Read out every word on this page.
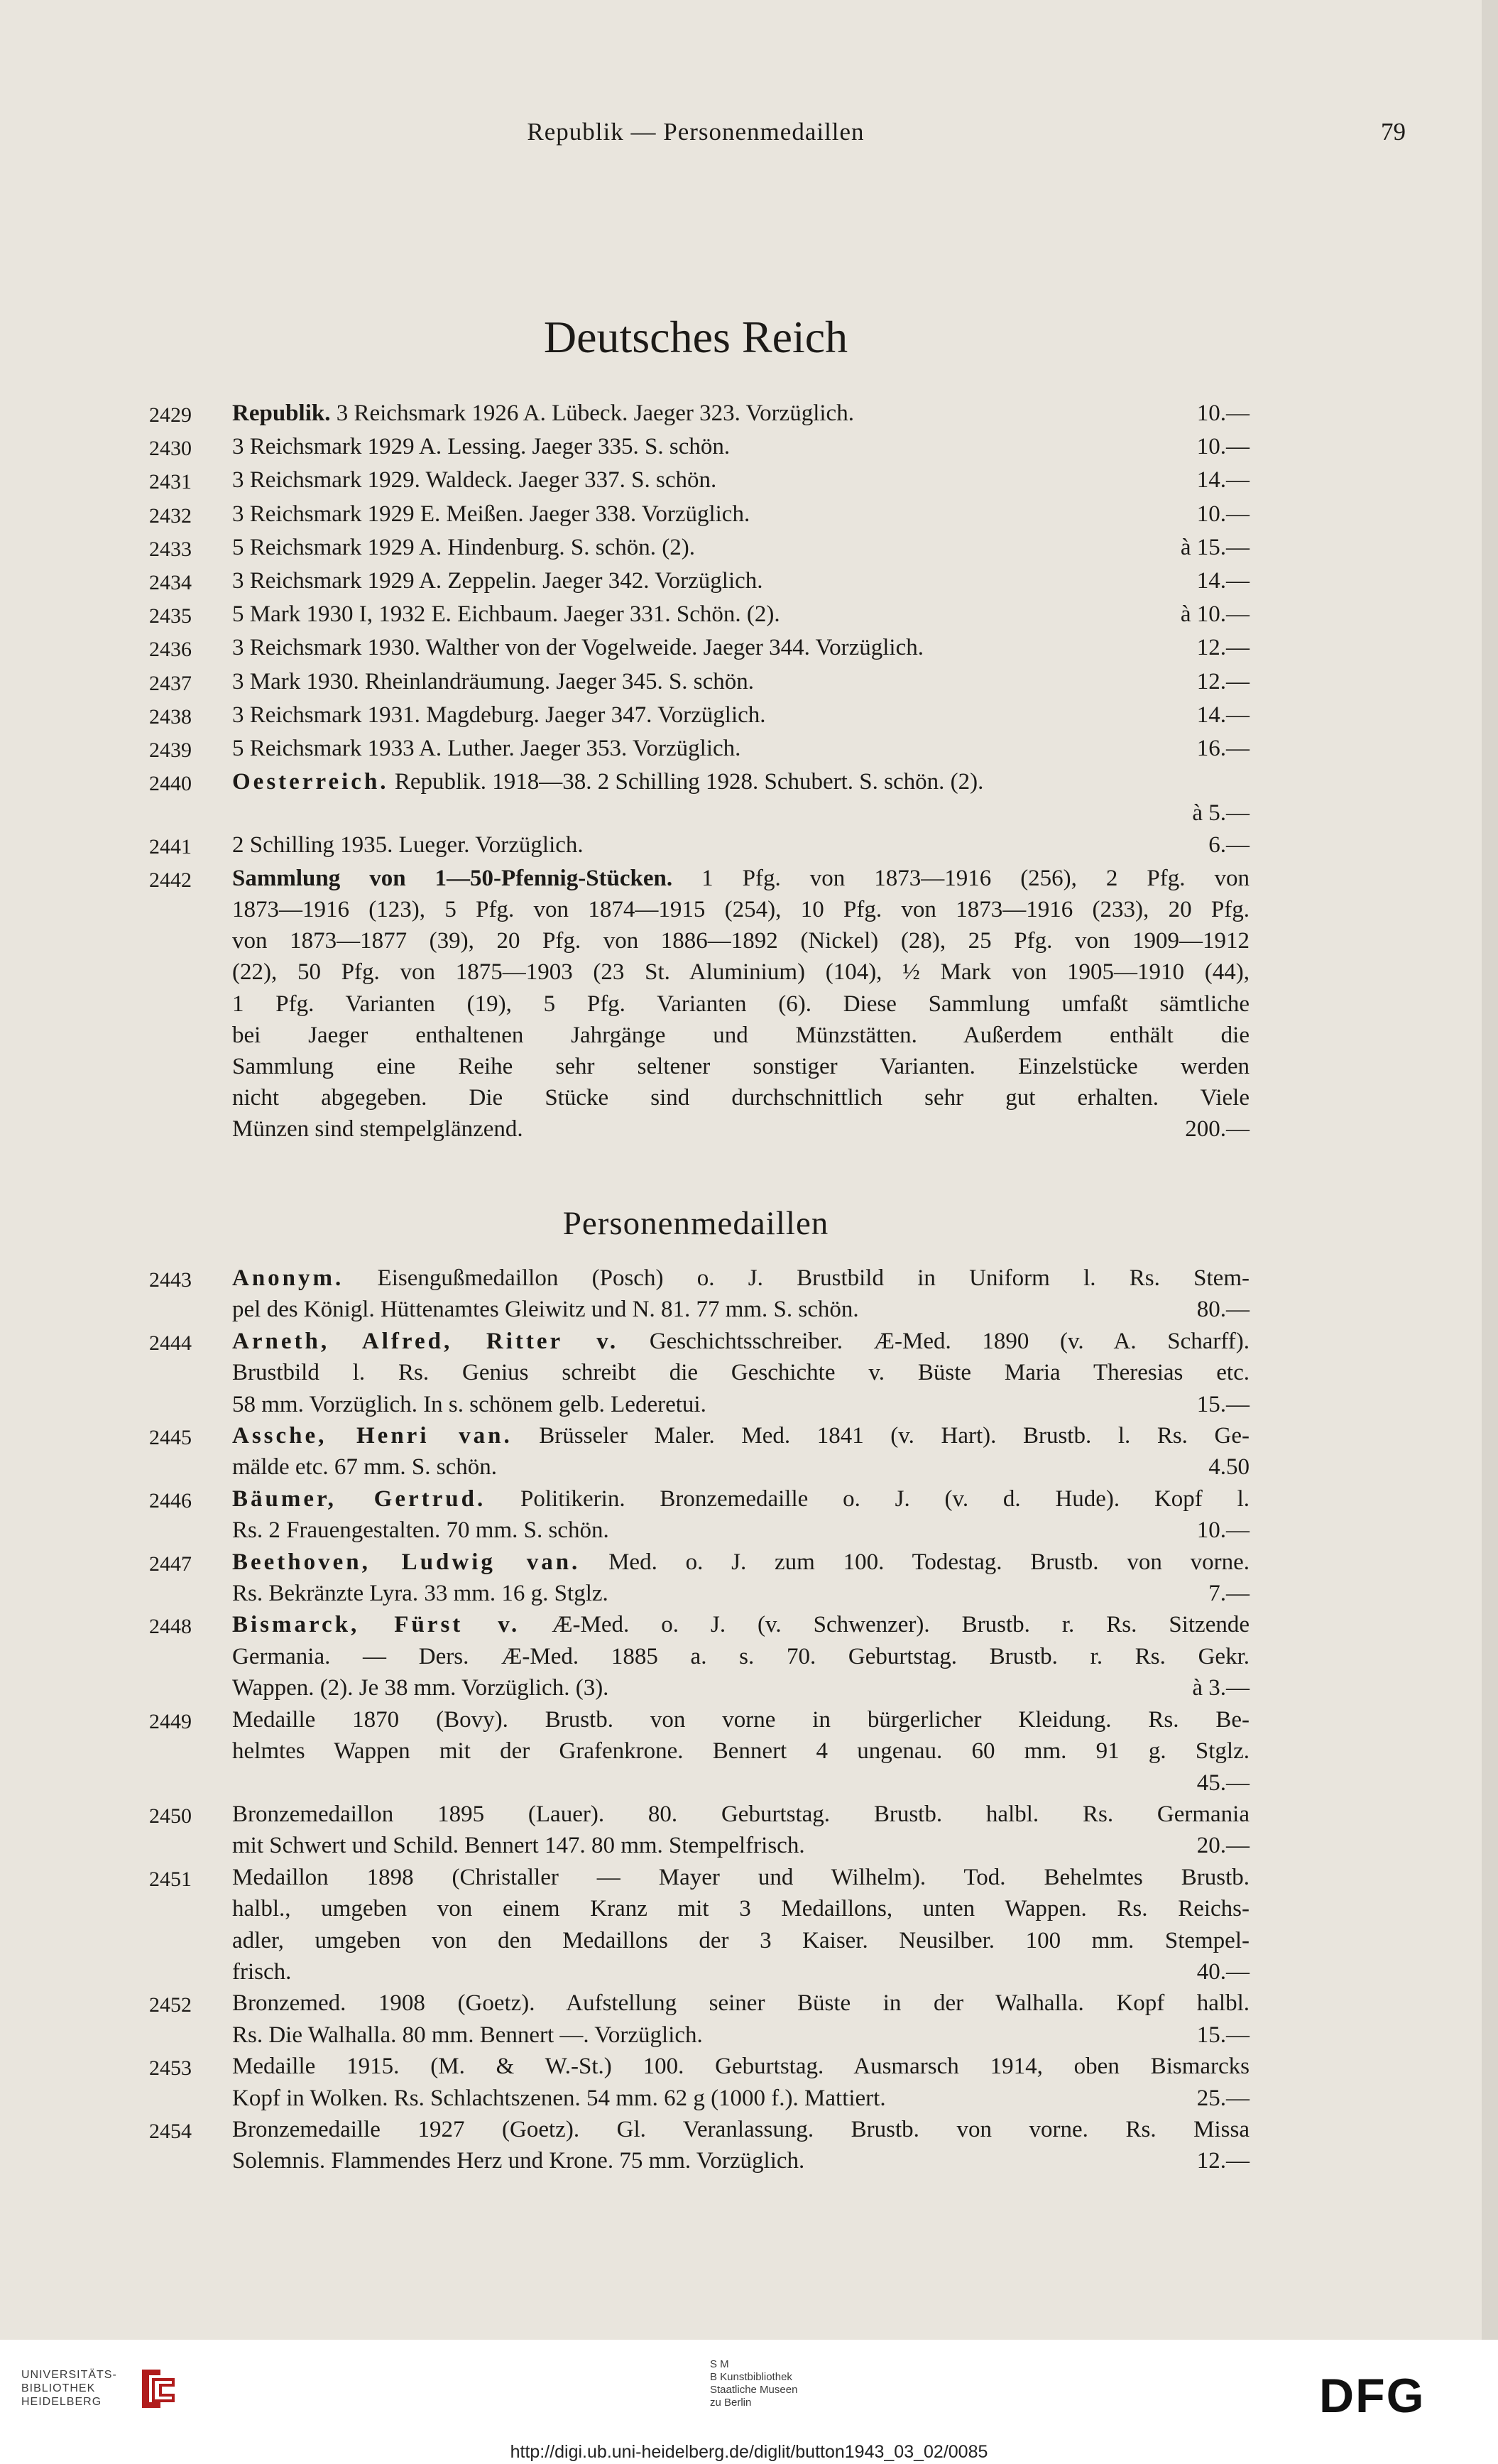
Republik — Personenmedaillen	79
Deutsches Reich
2429	Republik. 3 Reichsmark 1926 A. Lübeck. Jaeger 323. Vorzüglich.	10.—
2430	3 Reichsmark 1929 A. Lessing. Jaeger 335. S. schön.	10.—
2431	3 Reichsmark 1929. Waldeck. Jaeger 337. S. schön.	14.—
2432	3 Reichsmark 1929 E. Meißen. Jaeger 338. Vorzüglich.	10.—
2433	5 Reichsmark 1929 A. Hindenburg. S. schön. (2).	à 15.—
2434	3 Reichsmark 1929 A. Zeppelin. Jaeger 342. Vorzüglich.	14.—
2435	5 Mark 1930 I, 1932 E. Eichbaum. Jaeger 331. Schön. (2).	à 10.—
2436	3 Reichsmark 1930. Walther von der Vogelweide. Jaeger 344. Vorzüglich.	12.—
2437	3 Mark 1930. Rheinlandräumung. Jaeger 345. S. schön.	12.—
2438	3 Reichsmark 1931. Magdeburg. Jaeger 347. Vorzüglich.	14.—
2439	5 Reichsmark 1933 A. Luther. Jaeger 353. Vorzüglich.	16.—
2440	Oesterreich. Republik. 1918—38. 2 Schilling 1928. Schubert. S. schön. (2).
à 5.—
2441	2 Schilling 1935. Lueger. Vorzüglich.	6.—
2442	Sammlung von 1—50-Pfennig-Stücken. 1 Pfg. von 1873—1916 (256), 2 Pfg. von
1873—1916 (123), 5 Pfg. von 1874—1915 (254), 10 Pfg. von 1873—1916 (233), 20 Pfg.
von 1873—1877 (39), 20 Pfg. von 1886—1892 (Nickel) (28), 25 Pfg. von 1909—1912
(22), 50 Pfg. von 1875—1903 (23 St. Aluminium) (104), ½ Mark von 1905—1910 (44),
1 Pfg. Varianten (19), 5 Pfg. Varianten (6). Diese Sammlung umfaßt sämtliche
bei Jaeger enthaltenen Jahrgänge und Münzstätten. Außerdem enthält die
Sammlung eine Reihe sehr seltener sonstiger Varianten. Einzelstücke werden
nicht abgegeben. Die Stücke sind durchschnittlich sehr gut erhalten. Viele
Münzen sind stempelglänzend.	200.—
Personenmedaillen
2443	Anonym. Eisengußmedaillon (Posch) o. J. Brustbild in Uniform l. Rs. Stem-
pel des Königl. Hüttenamtes Gleiwitz und N. 81. 77 mm. S. schön.	80.—
2444	Arneth, Alfred, Ritter v. Geschichtsschreiber. Æ-Med. 1890 (v. A. Scharff).
Brustbild l. Rs. Genius schreibt die Geschichte v. Büste Maria Theresias etc.
58 mm. Vorzüglich. In s. schönem gelb. Lederetui.	15.—
2445	Assche, Henri van. Brüsseler Maler. Med. 1841 (v. Hart). Brustb. l. Rs. Ge-
mälde etc. 67 mm. S. schön.	4.50
2446	Bäumer, Gertrud. Politikerin. Bronzemedaille o. J. (v. d. Hude). Kopf l.
Rs. 2 Frauengestalten. 70 mm. S. schön.	10.—
2447	Beethoven, Ludwig van. Med. o. J. zum 100. Todestag. Brustb. von vorne.
Rs. Bekränzte Lyra. 33 mm. 16 g. Stglz.	7.—
2448	Bismarck, Fürst v. Æ-Med. o. J. (v. Schwenzer). Brustb. r. Rs. Sitzende
Germania. — Ders. Æ-Med. 1885 a. s. 70. Geburtstag. Brustb. r. Rs. Gekr.
Wappen. (2). Je 38 mm. Vorzüglich. (3).	à 3.—
2449	Medaille 1870 (Bovy). Brustb. von vorne in bürgerlicher Kleidung. Rs. Be-
helmtes Wappen mit der Grafenkrone. Bennert 4 ungenau. 60 mm. 91 g. Stglz.
45.—
2450	Bronzemedaillon 1895 (Lauer). 80. Geburtstag. Brustb. halbl. Rs. Germania
mit Schwert und Schild. Bennert 147. 80 mm. Stempelfrisch.	20.—
2451	Medaillon 1898 (Christaller — Mayer und Wilhelm). Tod. Behelmtes Brustb.
halbl., umgeben von einem Kranz mit 3 Medaillons, unten Wappen. Rs. Reichs-
adler, umgeben von den Medaillons der 3 Kaiser. Neusilber. 100 mm. Stempel-
frisch.	40.—
2452	Bronzemed. 1908 (Goetz). Aufstellung seiner Büste in der Walhalla. Kopf halbl.
Rs. Die Walhalla. 80 mm. Bennert —. Vorzüglich.	15.—
2453	Medaille 1915. (M. & W.-St.) 100. Geburtstag. Ausmarsch 1914, oben Bismarcks
Kopf in Wolken. Rs. Schlachtszenen. 54 mm. 62 g (1000 f.). Mattiert.	25.—
2454	Bronzemedaille 1927 (Goetz). Gl. Veranlassung. Brustb. von vorne. Rs. Missa
Solemnis. Flammendes Herz und Krone. 75 mm. Vorzüglich.	12.—
UNIVERSITÄTS-
BIBLIOTHEK
HEIDELBERG
S M
B Kunstbibliothek
Staatliche Museen
zu Berlin	DFG
http://digi.ub.uni-heidelberg.de/diglit/button1943_03_02/0085
